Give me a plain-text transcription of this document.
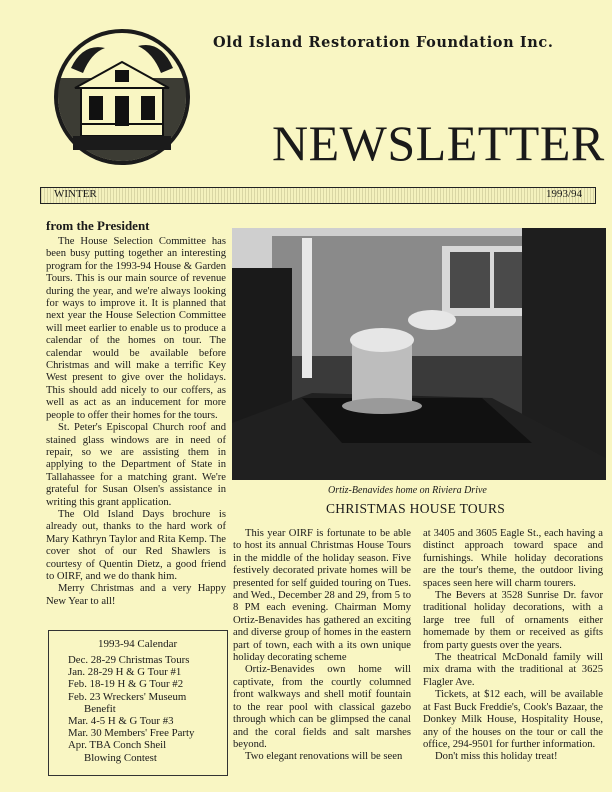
Old Island Restoration Foundation Inc.
NEWSLETTER
WINTER	1993/94
from the President

The House Selection Committee has been busy putting together an interesting program for the 1993-94 House & Garden Tours. This is our main source of revenue during the year, and we're always looking for ways to improve it. It is planned that next year the House Selection Committee will meet earlier to enable us to produce a calendar of the homes on tour. The calendar would be available before Christmas and will make a terrific Key West present to give over the holidays. This should add nicely to our coffers, as well as act as an inducement for more people to offer their homes for the tours.

St. Peter's Episcopal Church roof and stained glass windows are in need of repair, so we are assisting them in applying to the Department of State in Tallahassee for a matching grant. We're grateful for Susan Olsen's assistance in writing this grant application.

The Old Island Days brochure is already out, thanks to the hard work of Mary Kathryn Taylor and Rita Kemp. The cover shot of our Red Shawlers is courtesy of Quentin Dietz, a good friend to OIRF, and we do thank him.

Merry Christmas and a very Happy New Year to all!

1993-94 Calendar
Dec. 28-29 Christmas Tours
Jan. 28-29 H & G Tour #1
Feb. 18-19 H & G Tour #2
Feb. 23 Wreckers' Museum
Benefit
Mar. 4-5 H & G Tour #3
Mar. 30 Members' Free Party
Apr. TBA Conch Sheil
Blowing Contest
Ortiz-Benavides home on Riviera Drive
CHRISTMAS HOUSE TOURS

This year OIRF is fortunate to be able to host its annual Christmas House Tours in the middle of the holiday season. Five festively decorated private homes will be presented for self guided touring on Tues. and Wed., December 28 and 29, from 5 to 8 PM each evening. Chairman Momy Ortiz-Benavides has gathered an exciting and diverse group of homes in the eastern part of town, each with a its own unique holiday decorating scheme

Ortiz-Benavides own home will captivate, from the courtly columned front walkways and shell motif fountain to the rear pool with classical gazebo through which can be glimpsed the canal and the coral fields and salt marshes beyond.

Two elegant renovations will be seen

at 3405 and 3605 Eagle St., each having a distinct approach toward space and furnishings. While holiday decorations are the tour's theme, the outdoor living spaces seen here will charm tourers.

The Bevers at 3528 Sunrise Dr. favor traditional holiday decorations, with a large tree full of ornaments either homemade by them or received as gifts from party guests over the years.

The theatrical McDonald family will mix drama with the traditional at 3625 Flagler Ave.

Tickets, at $12 each, will be available at Fast Buck Freddie's, Cook's Bazaar, the Donkey Milk House, Hospitality House, any of the houses on the tour or call the office, 294-9501 for further information.

Don't miss this holiday treat!
